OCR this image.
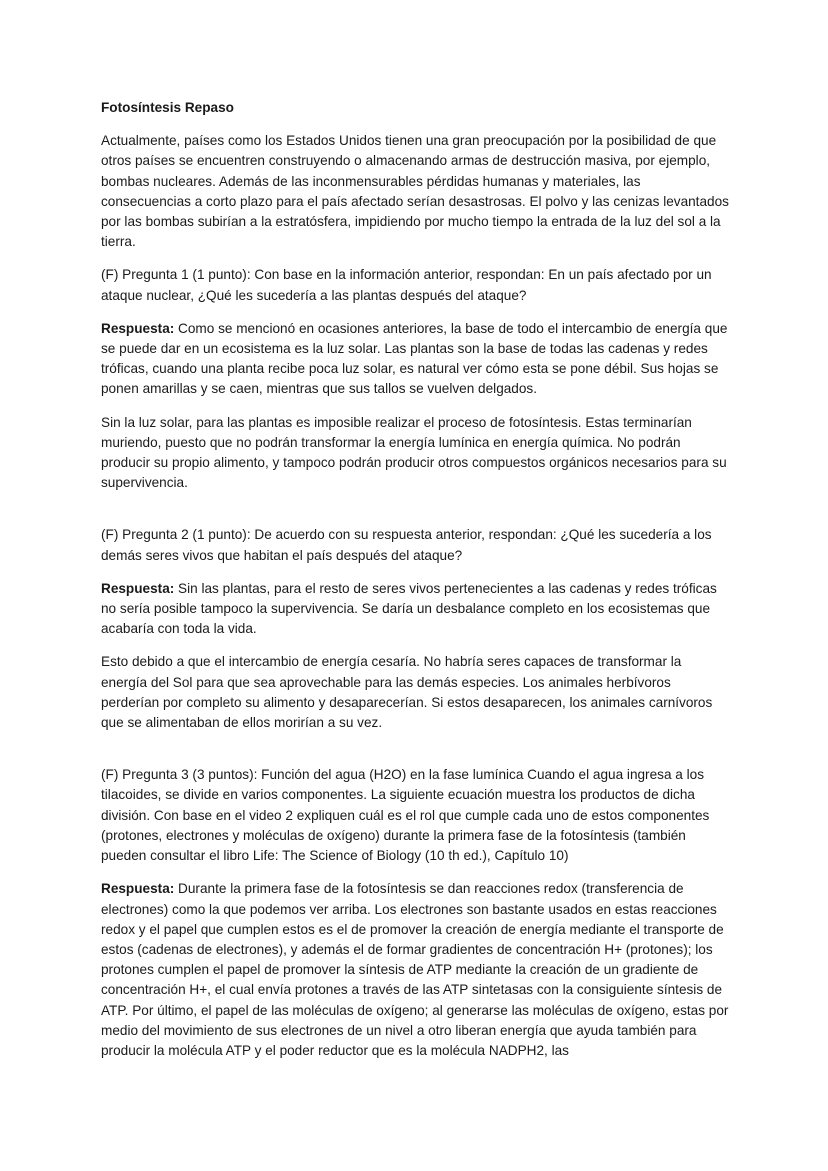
Fotosíntesis Repaso

Actualmente, países como los Estados Unidos tienen una gran preocupación por la posibilidad de que otros países se encuentren construyendo o almacenando armas de destrucción masiva, por ejemplo, bombas nucleares. Además de las inconmensurables pérdidas humanas y materiales, las consecuencias a corto plazo para el país afectado serían desastrosas. El polvo y las cenizas levantados por las bombas subirían a la estratósfera, impidiendo por mucho tiempo la entrada de la luz del sol a la tierra.

(F) Pregunta 1 (1 punto): Con base en la información anterior, respondan: En un país afectado por un ataque nuclear, ¿Qué les sucedería a las plantas después del ataque?

Respuesta: Como se mencionó en ocasiones anteriores, la base de todo el intercambio de energía que se puede dar en un ecosistema es la luz solar. Las plantas son la base de todas las cadenas y redes tróficas, cuando una planta recibe poca luz solar, es natural ver cómo esta se pone débil. Sus hojas se ponen amarillas y se caen, mientras que sus tallos se vuelven delgados.

Sin la luz solar, para las plantas es imposible realizar el proceso de fotosíntesis. Estas terminarían muriendo, puesto que no podrán transformar la energía lumínica en energía química. No podrán producir su propio alimento, y tampoco podrán producir otros compuestos orgánicos necesarios para su supervivencia.

(F) Pregunta 2 (1 punto): De acuerdo con su respuesta anterior, respondan: ¿Qué les sucedería a los demás seres vivos que habitan el país después del ataque?

Respuesta: Sin las plantas, para el resto de seres vivos pertenecientes a las cadenas y redes tróficas no sería posible tampoco la supervivencia. Se daría un desbalance completo en los ecosistemas que acabaría con toda la vida.

Esto debido a que el intercambio de energía cesaría. No habría seres capaces de transformar la energía del Sol para que sea aprovechable para las demás especies. Los animales herbívoros perderían por completo su alimento y desaparecerían. Si estos desaparecen, los animales carnívoros que se alimentaban de ellos morirían a su vez.

(F) Pregunta 3 (3 puntos): Función del agua (H2O) en la fase lumínica Cuando el agua ingresa a los tilacoides, se divide en varios componentes. La siguiente ecuación muestra los productos de dicha división. Con base en el video 2 expliquen cuál es el rol que cumple cada uno de estos componentes (protones, electrones y moléculas de oxígeno) durante la primera fase de la fotosíntesis (también pueden consultar el libro Life: The Science of Biology (10 th ed.), Capítulo 10)

Respuesta: Durante la primera fase de la fotosíntesis se dan reacciones redox (transferencia de electrones) como la que podemos ver arriba. Los electrones son bastante usados en estas reacciones redox y el papel que cumplen estos es el de promover la creación de energía mediante el transporte de estos (cadenas de electrones), y además el de formar gradientes de concentración H+ (protones); los protones cumplen el papel de promover la síntesis de ATP mediante la creación de un gradiente de concentración H+, el cual envía protones a través de las ATP sintetasas con la consiguiente síntesis de ATP. Por último, el papel de las moléculas de oxígeno; al generarse las moléculas de oxígeno, estas por medio del movimiento de sus electrones de un nivel a otro liberan energía que ayuda también para producir la molécula ATP y el poder reductor que es la molécula NADPH2, las
